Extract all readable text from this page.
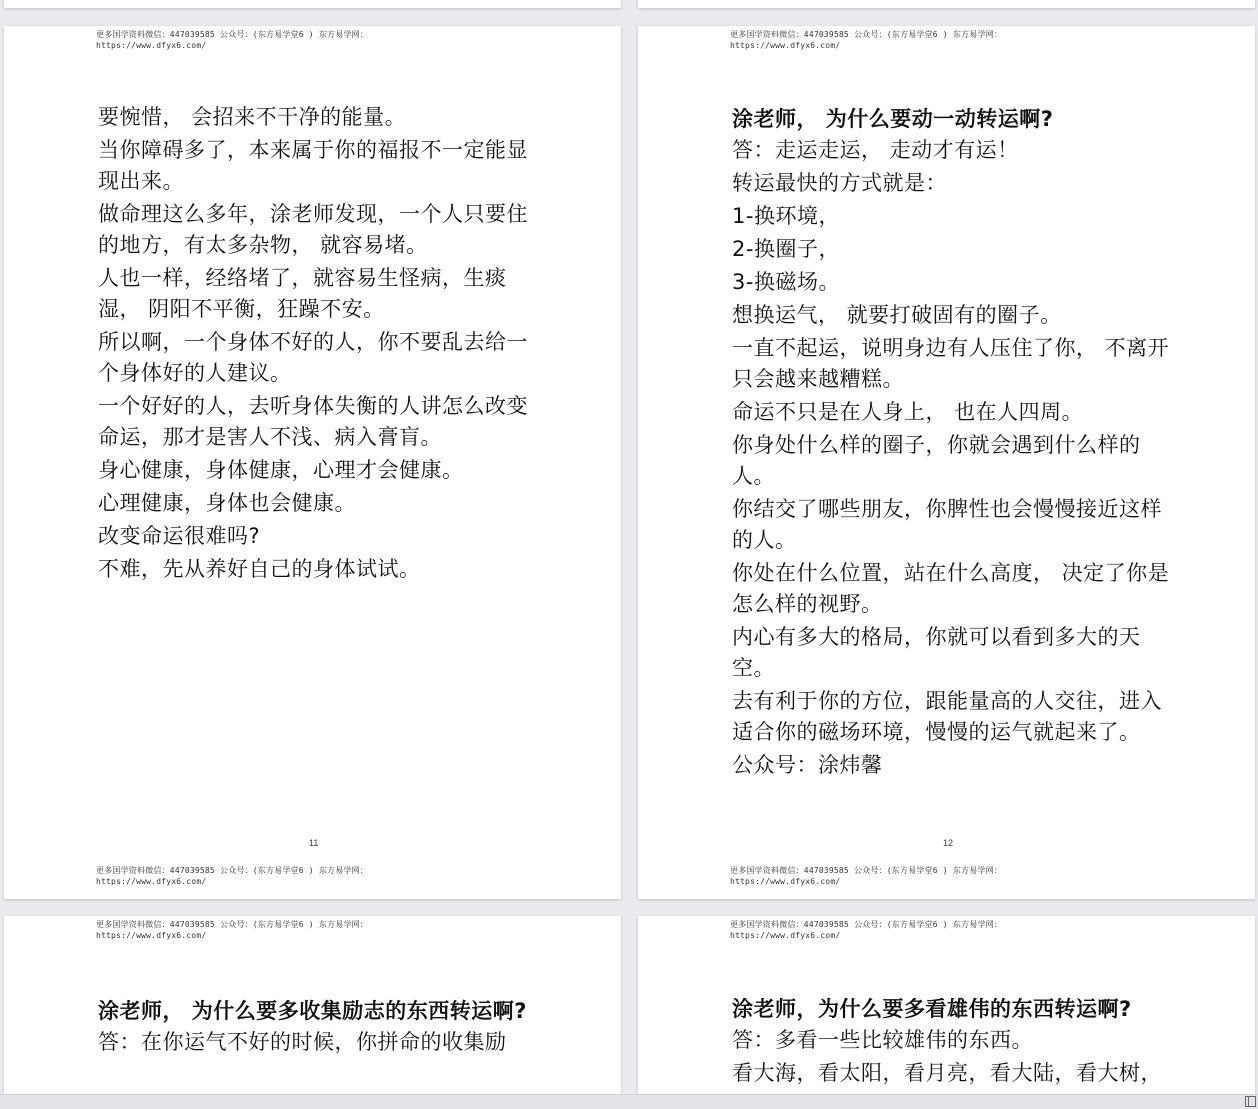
更多国学资料微信：447039585 公众号：(东方易学堂6 ) 东方易学网：
https://www.dfyx6.com/

要惋惜， 会招来不干净的能量。

当你障碍多了，本来属于你的福报不一定能显现出来。

做命理这么多年，涂老师发现，一个人只要住的地方，有太多杂物， 就容易堵。

人也一样，经络堵了，就容易生怪病，生痰湿， 阴阳不平衡，狂躁不安。

所以啊，一个身体不好的人，你不要乱去给一个身体好的人建议。

一个好好的人，去听身体失衡的人讲怎么改变命运，那才是害人不浅、病入膏肓。

身心健康，身体健康，心理才会健康。

心理健康，身体也会健康。

改变命运很难吗?

不难，先从养好自己的身体试试。

11
更多国学资料微信：447039585 公众号：(东方易学堂6 ) 东方易学网：
https://www.dfyx6.com/
更多国学资料微信：447039585 公众号：(东方易学堂6 ) 东方易学网：
https://www.dfyx6.com/

涂老师， 为什么要动一动转运啊?

答：走运走运， 走动才有运！

转运最快的方式就是：

1-换环境，

2-换圈子，

3-换磁场。

想换运气， 就要打破固有的圈子。

一直不起运，说明身边有人压住了你， 不离开只会越来越糟糕。

命运不只是在人身上， 也在人四周。

你身处什么样的圈子，你就会遇到什么样的人。

你结交了哪些朋友，你脾性也会慢慢接近这样的人。

你处在什么位置，站在什么高度， 决定了你是怎么样的视野。

内心有多大的格局，你就可以看到多大的天空。

去有利于你的方位，跟能量高的人交往，进入适合你的磁场环境，慢慢的运气就起来了。

公众号：涂炜馨

12
更多国学资料微信：447039585 公众号：(东方易学堂6 ) 东方易学网：
https://www.dfyx6.com/
更多国学资料微信：447039585 公众号：(东方易学堂6 ) 东方易学网：
https://www.dfyx6.com/

涂老师， 为什么要多收集励志的东西转运啊?

答：在你运气不好的时候，你拼命的收集励

更多国学资料微信：447039585 公众号：(东方易学堂6 ) 东方易学网：
https://www.dfyx6.com/

涂老师，为什么要多看雄伟的东西转运啊?

答：多看一些比较雄伟的东西。

看大海，看太阳，看月亮，看大陆，看大树，
